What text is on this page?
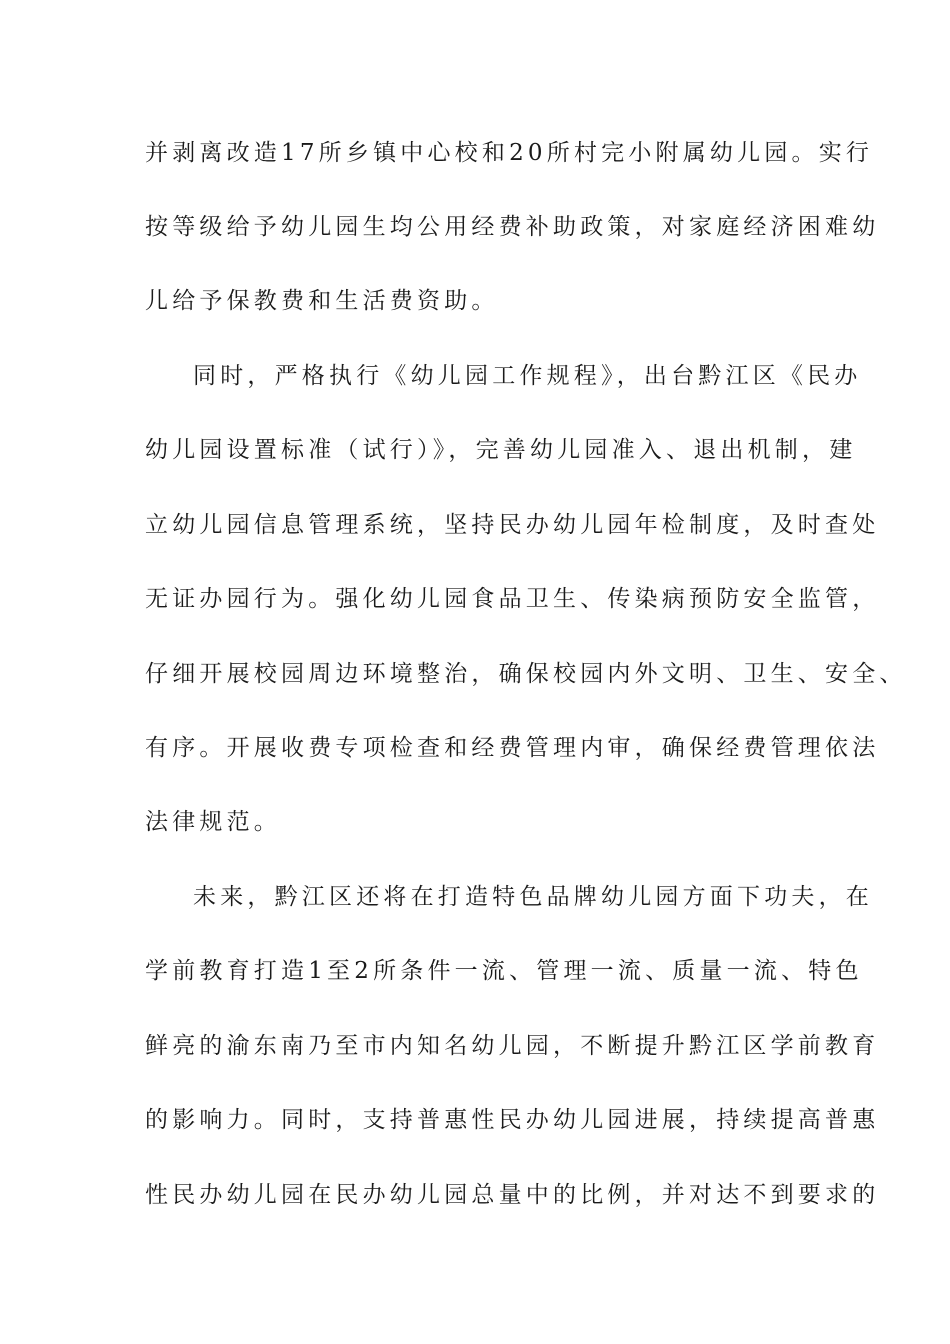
并剥离改造17所乡镇中心校和20所村完小附属幼儿园。实行
按等级给予幼儿园生均公用经费补助政策，对家庭经济困难幼
儿给予保教费和生活费资助。
同时，严格执行《幼儿园工作规程》，出台黔江区《民办
幼儿园设置标准（试行）》，完善幼儿园准入、退出机制，建
立幼儿园信息管理系统，坚持民办幼儿园年检制度，及时查处
无证办园行为。强化幼儿园食品卫生、传染病预防安全监管，
仔细开展校园周边环境整治，确保校园内外文明、卫生、安全、
有序。开展收费专项检查和经费管理内审，确保经费管理依法
法律规范。
未来，黔江区还将在打造特色品牌幼儿园方面下功夫，在
学前教育打造1至2所条件一流、管理一流、质量一流、特色
鲜亮的渝东南乃至市内知名幼儿园，不断提升黔江区学前教育
的影响力。同时，支持普惠性民办幼儿园进展，持续提高普惠
性民办幼儿园在民办幼儿园总量中的比例，并对达不到要求的
